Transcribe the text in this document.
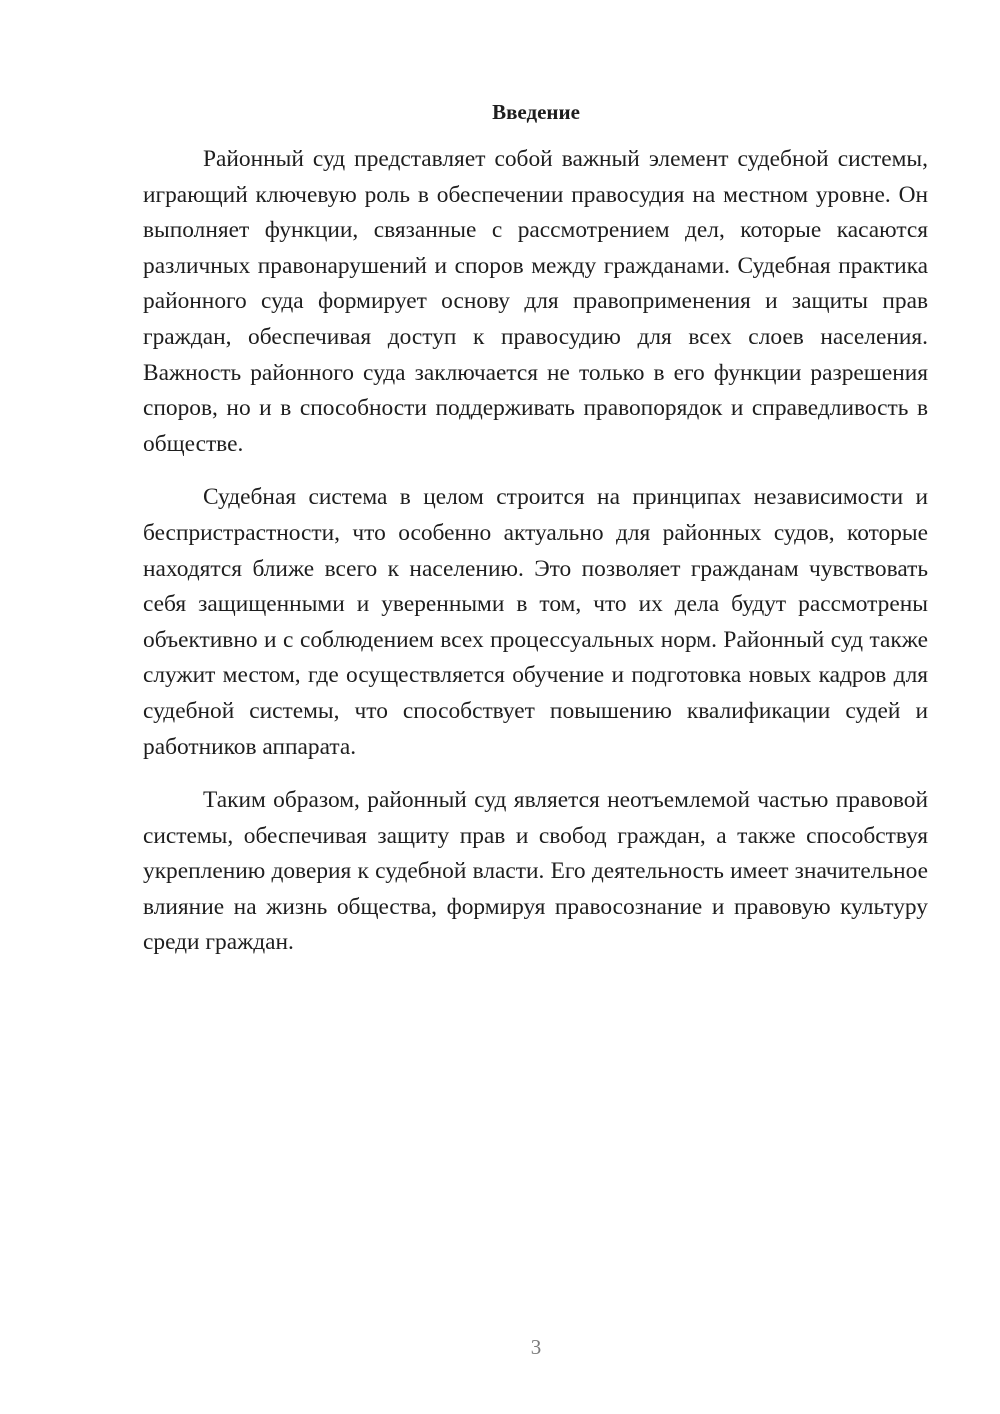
Введение

Районный суд представляет собой важный элемент судебной системы, играющий ключевую роль в обеспечении правосудия на местном уровне. Он выполняет функции, связанные с рассмотрением дел, которые касаются различных правонарушений и споров между гражданами. Судебная практика районного суда формирует основу для правоприменения и защиты прав граждан, обеспечивая доступ к правосудию для всех слоев населения. Важность районного суда заключается не только в его функции разрешения споров, но и в способности поддерживать правопорядок и справедливость в обществе.

Судебная система в целом строится на принципах независимости и беспристрастности, что особенно актуально для районных судов, которые находятся ближе всего к населению. Это позволяет гражданам чувствовать себя защищенными и уверенными в том, что их дела будут рассмотрены объективно и с соблюдением всех процессуальных норм. Районный суд также служит местом, где осуществляется обучение и подготовка новых кадров для судебной системы, что способствует повышению квалификации судей и работников аппарата.

Таким образом, районный суд является неотъемлемой частью правовой системы, обеспечивая защиту прав и свобод граждан, а также способствуя укреплению доверия к судебной власти. Его деятельность имеет значительное влияние на жизнь общества, формируя правосознание и правовую культуру среди граждан.

3
